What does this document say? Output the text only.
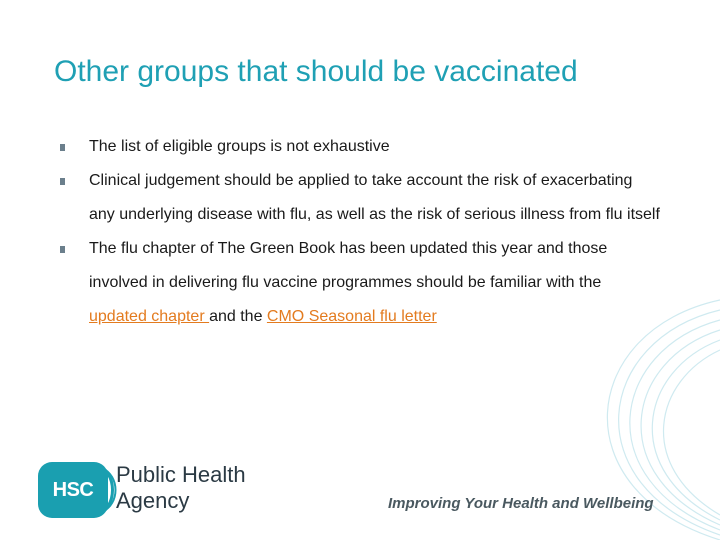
Other groups that should be vaccinated
The list of eligible groups is not exhaustive
Clinical judgement should be applied to take account the risk of exacerbating any underlying disease with flu, as well as the risk of serious illness from flu itself
The flu chapter of The Green Book has been updated this year and those involved in delivering flu vaccine programmes should be familiar with the updated chapter and the CMO Seasonal flu letter
HSC
Public Health
Agency	Improving Your Health and Wellbeing
